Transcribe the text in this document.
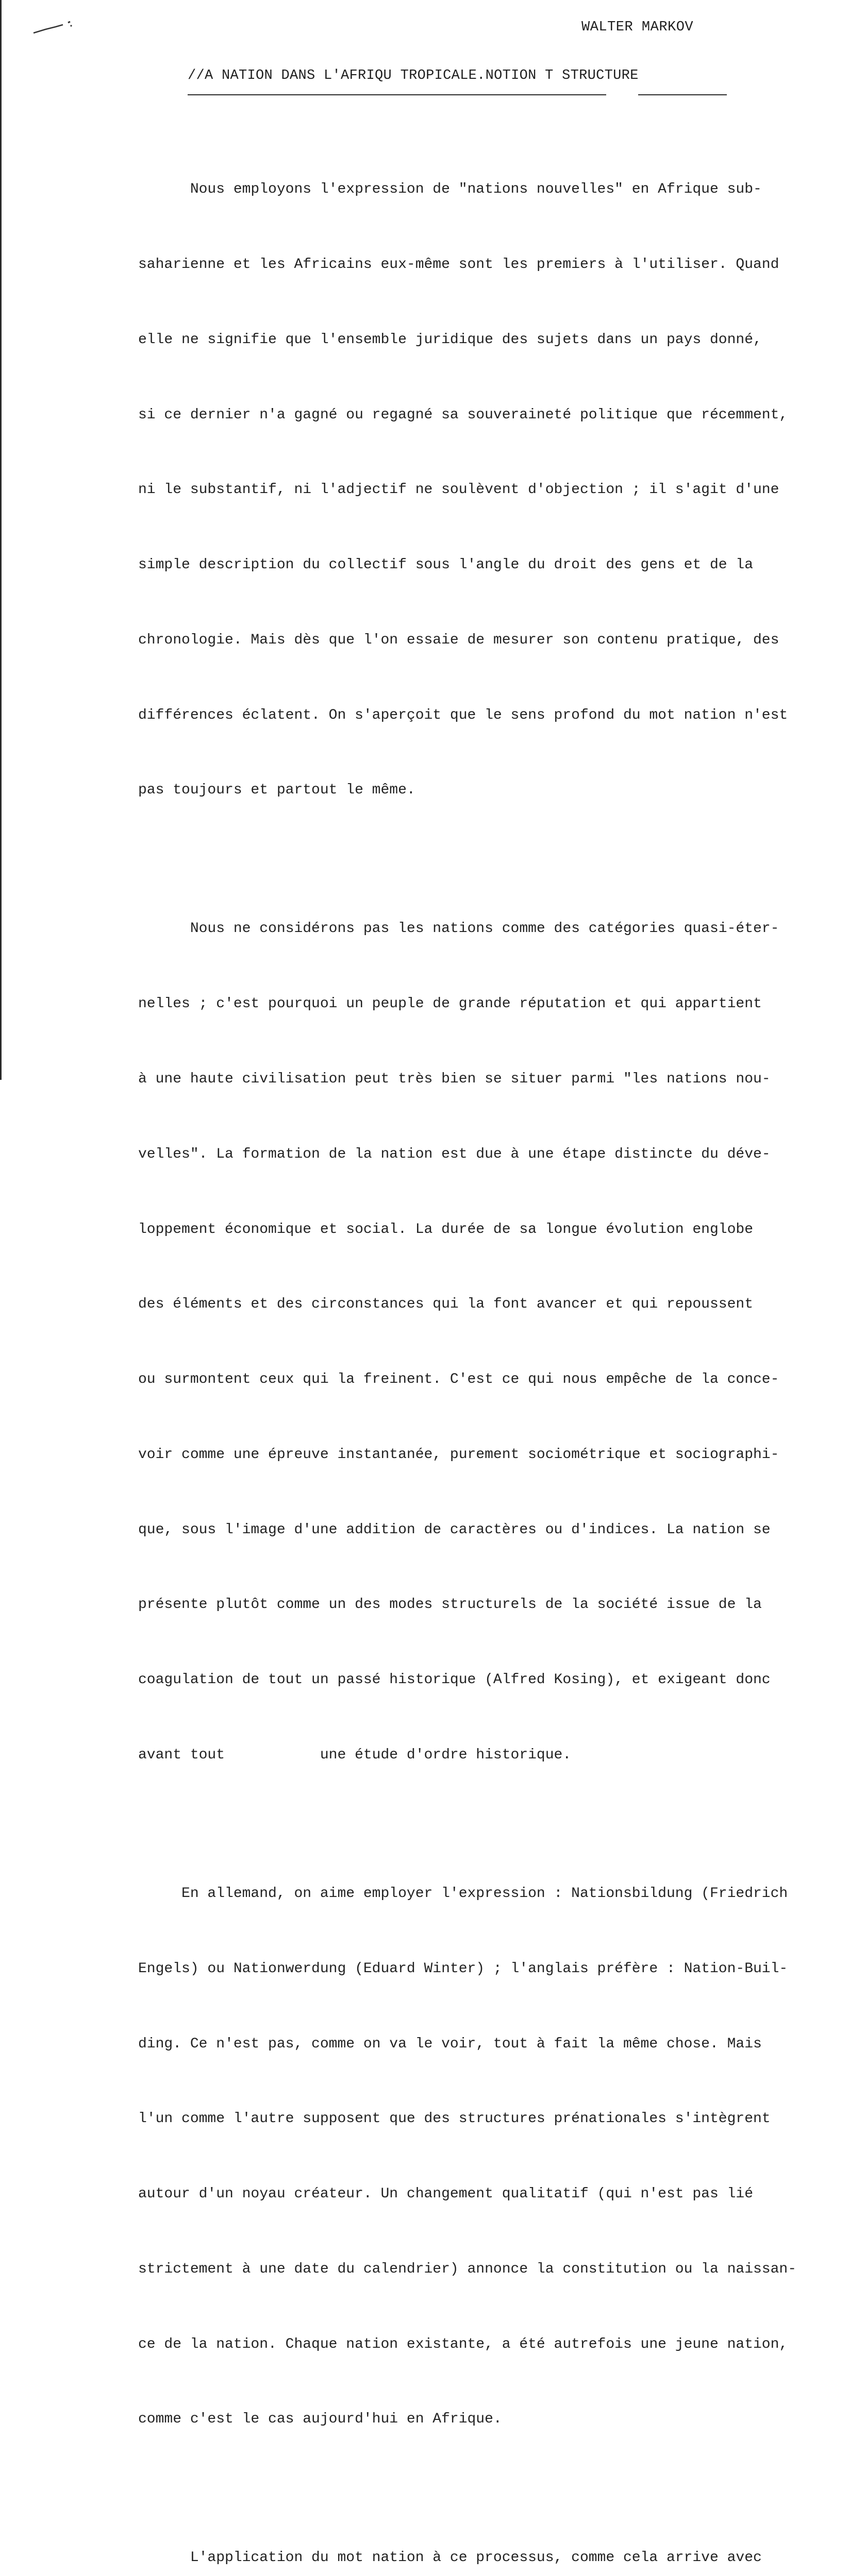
WALTER MARKOV
//A NATION DANS L'AFRIQU TROPICALE.NOTION T STRUCTURE

Nous employons l'expression de "nations nouvelles" en Afrique sub-

saharienne et les Africains eux-même sont les premiers à l'utiliser. Quand

elle ne signifie que l'ensemble juridique des sujets dans un pays donné,

si ce dernier n'a gagné ou regagné sa souveraineté politique que récemment,

ni le substantif, ni l'adjectif ne soulèvent d'objection ; il s'agit d'une

simple description du collectif sous l'angle du droit des gens et de la

chronologie. Mais dès que l'on essaie de mesurer son contenu pratique, des

différences éclatent. On s'aperçoit que le sens profond du mot nation n'est

pas toujours et partout le même.

Nous ne considérons pas les nations comme des catégories quasi-éter-

nelles ; c'est pourquoi un peuple de grande réputation et qui appartient

à une haute civilisation peut très bien se situer parmi "les nations nou-

velles". La formation de la nation est due à une étape distincte du déve-

loppement économique et social. La durée de sa longue évolution englobe

des éléments et des circonstances qui la font avancer et qui repoussent

ou surmontent ceux qui la freinent. C'est ce qui nous empêche de la conce-

voir comme une épreuve instantanée, purement sociométrique et sociographi-

que, sous l'image d'une addition de caractères ou d'indices. La nation se

présente plutôt comme un des modes structurels de la société issue de la

coagulation de tout un passé historique (Alfred Kosing), et exigeant donc

avant tout           une étude d'ordre historique.

En allemand, on aime employer l'expression : Nationsbildung (Friedrich

Engels) ou Nationwerdung (Eduard Winter) ; l'anglais préfère : Nation-Buil-

ding. Ce n'est pas, comme on va le voir, tout à fait la même chose. Mais

l'un comme l'autre supposent que des structures prénationales s'intègrent

autour d'un noyau créateur. Un changement qualitatif (qui n'est pas lié

strictement à une date du calendrier) annonce la constitution ou la naissan-

ce de la nation. Chaque nation existante, a été autrefois une jeune nation,

comme c'est le cas aujourd'hui en Afrique.

L'application du mot nation à ce processus, comme cela arrive avec
